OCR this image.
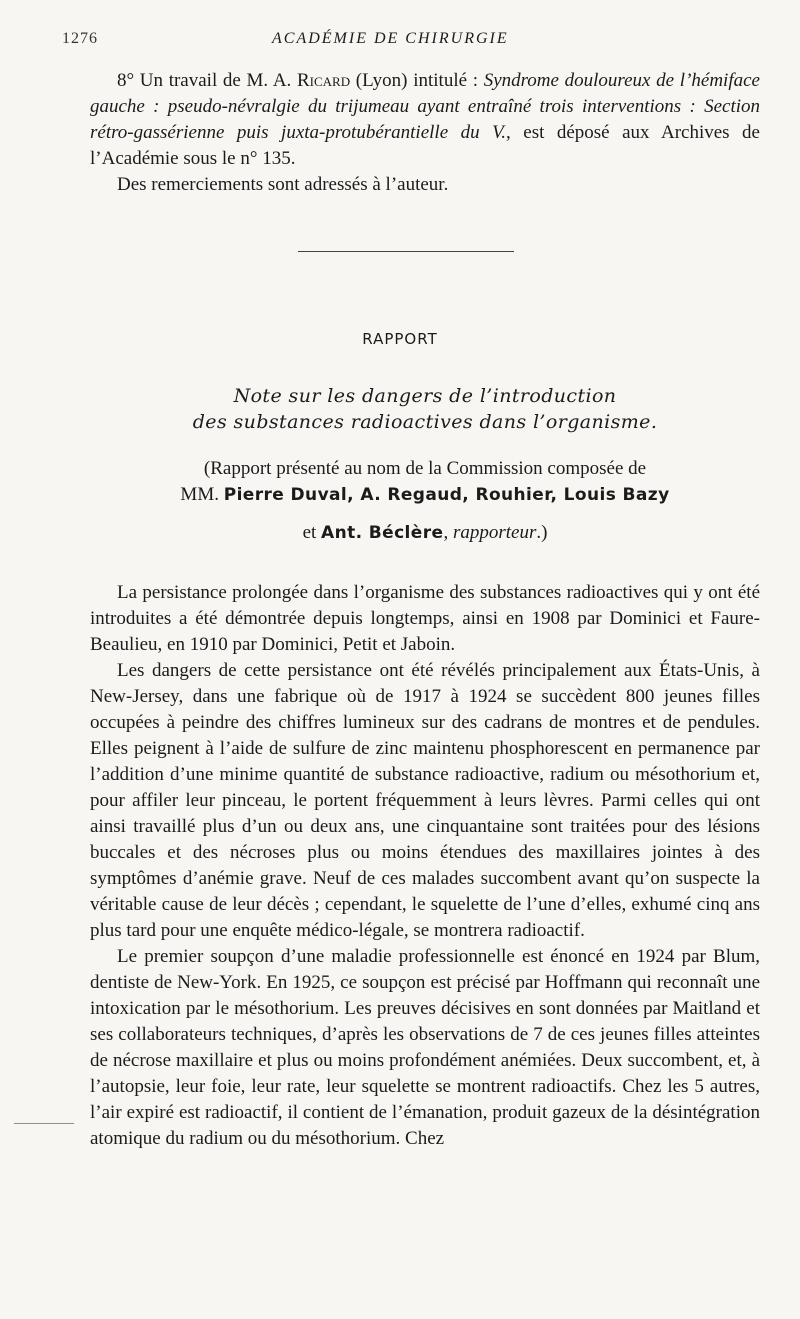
1276	ACADÉMIE DE CHIRURGIE
8° Un travail de M. A. Ricard (Lyon) intitulé : Syndrome douloureux de l’hémiface gauche : pseudo-névralgie du trijumeau ayant entraîné trois interventions : Section rétro-gassérienne puis juxta-protubérantielle du V., est déposé aux Archives de l’Académie sous le n° 135.
Des remerciements sont adressés à l’auteur.
RAPPORT
Note sur les dangers de l’introduction
des substances radioactives dans l’organisme.
(Rapport présenté au nom de la Commission composée de
MM. Pierre Duval, A. Regaud, Rouhier, Louis Bazy
et Ant. Béclère, rapporteur.)

La persistance prolongée dans l’organisme des substances radioactives qui y ont été introduites a été démontrée depuis longtemps, ainsi en 1908 par Dominici et Faure-Beaulieu, en 1910 par Dominici, Petit et Jaboin.

Les dangers de cette persistance ont été révélés principalement aux États-Unis, à New-Jersey, dans une fabrique où de 1917 à 1924 se succèdent 800 jeunes filles occupées à peindre des chiffres lumineux sur des cadrans de montres et de pendules. Elles peignent à l’aide de sulfure de zinc maintenu phosphorescent en permanence par l’addition d’une minime quantité de substance radioactive, radium ou mésothorium et, pour affiler leur pinceau, le portent fréquemment à leurs lèvres. Parmi celles qui ont ainsi travaillé plus d’un ou deux ans, une cinquantaine sont traitées pour des lésions buccales et des nécroses plus ou moins étendues des maxillaires jointes à des symptômes d’anémie grave. Neuf de ces malades succombent avant qu’on suspecte la véritable cause de leur décès ; cependant, le squelette de l’une d’elles, exhumé cinq ans plus tard pour une enquête médico-légale, se montrera radioactif.

Le premier soupçon d’une maladie professionnelle est énoncé en 1924 par Blum, dentiste de New-York. En 1925, ce soupçon est précisé par Hoffmann qui reconnaît une intoxication par le mésothorium. Les preuves décisives en sont données par Maitland et ses collaborateurs techniques, d’après les observations de 7 de ces jeunes filles atteintes de nécrose maxillaire et plus ou moins profondément anémiées. Deux succombent, et, à l’autopsie, leur foie, leur rate, leur squelette se montrent radioactifs. Chez les 5 autres, l’air expiré est radioactif, il contient de l’émanation, produit gazeux de la désintégration atomique du radium ou du mésothorium. Chez
